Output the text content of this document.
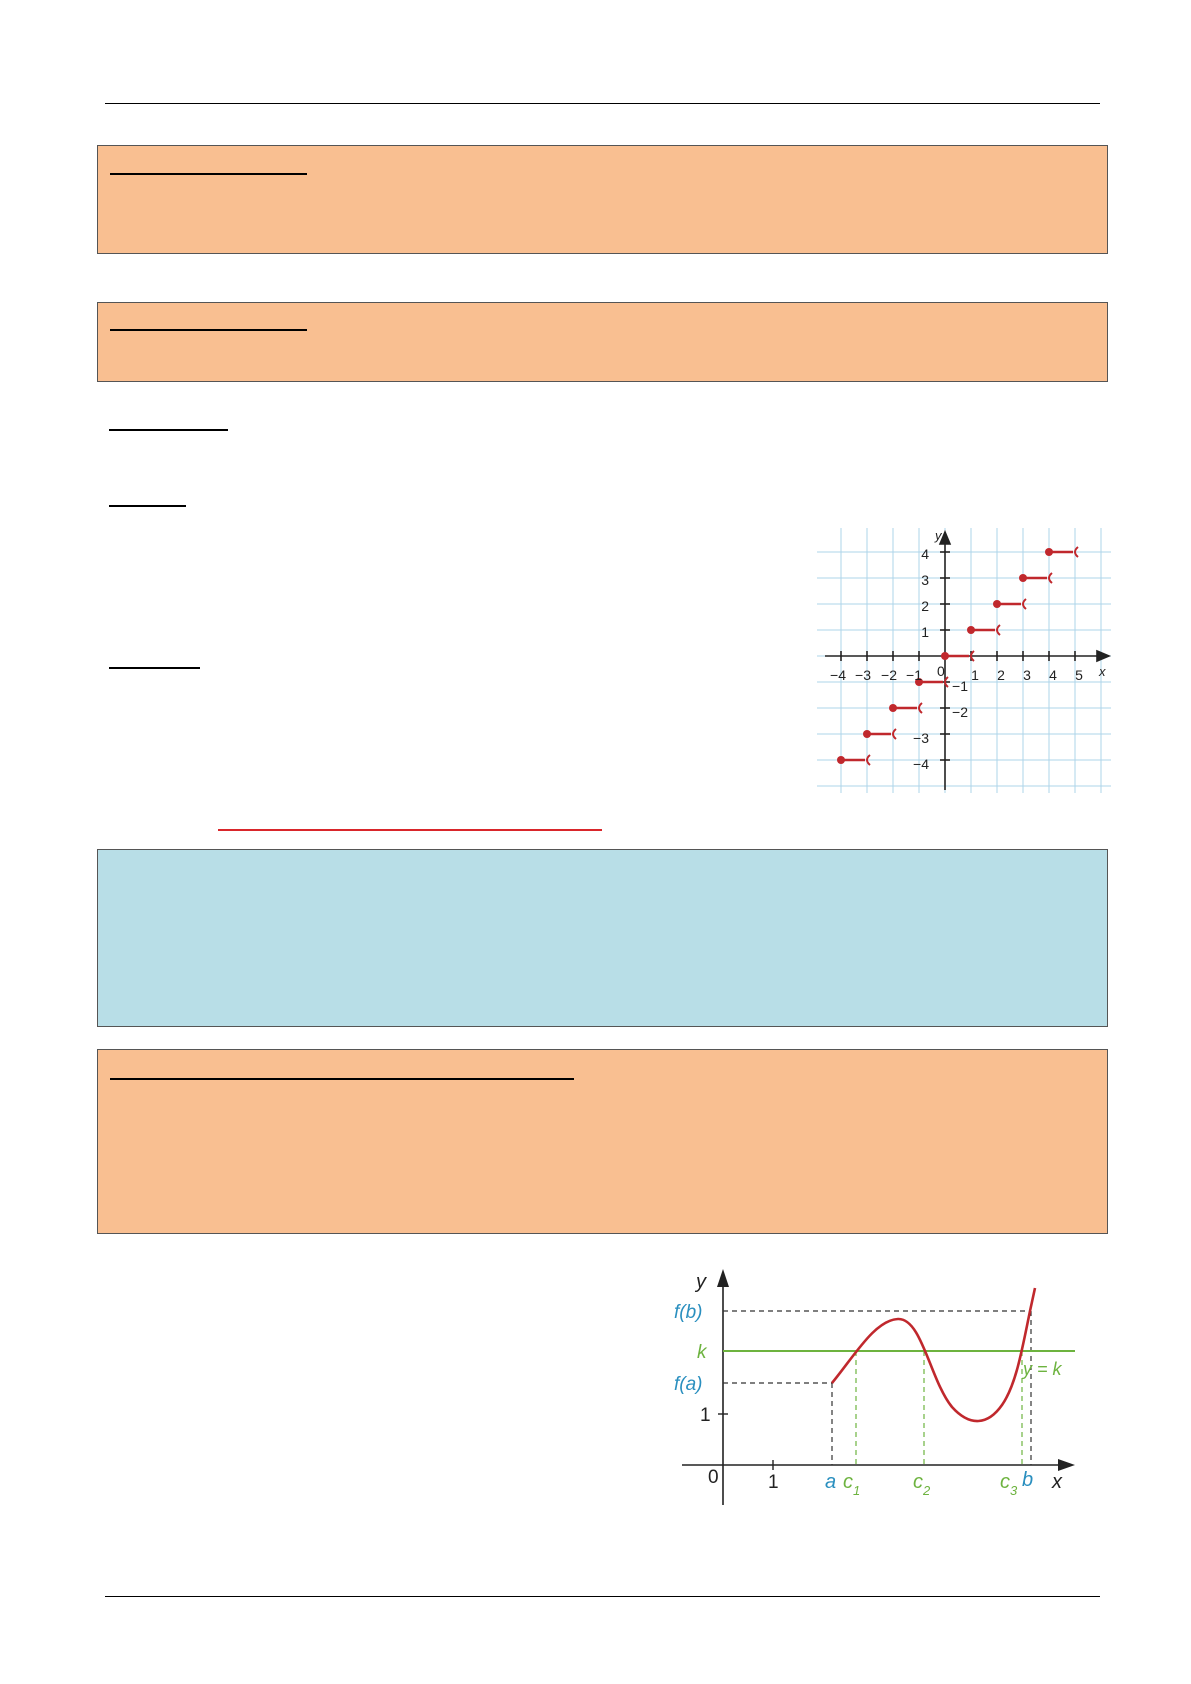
y
x
0
−4 −3 −2 −1	1 2 3 4 5
4
3
2
1
−1
−2
−3
−4
y
x
0	1
1
f(b)
k
f(a)
y = k
a $c_1$	$c_2$	$c_3$ b
